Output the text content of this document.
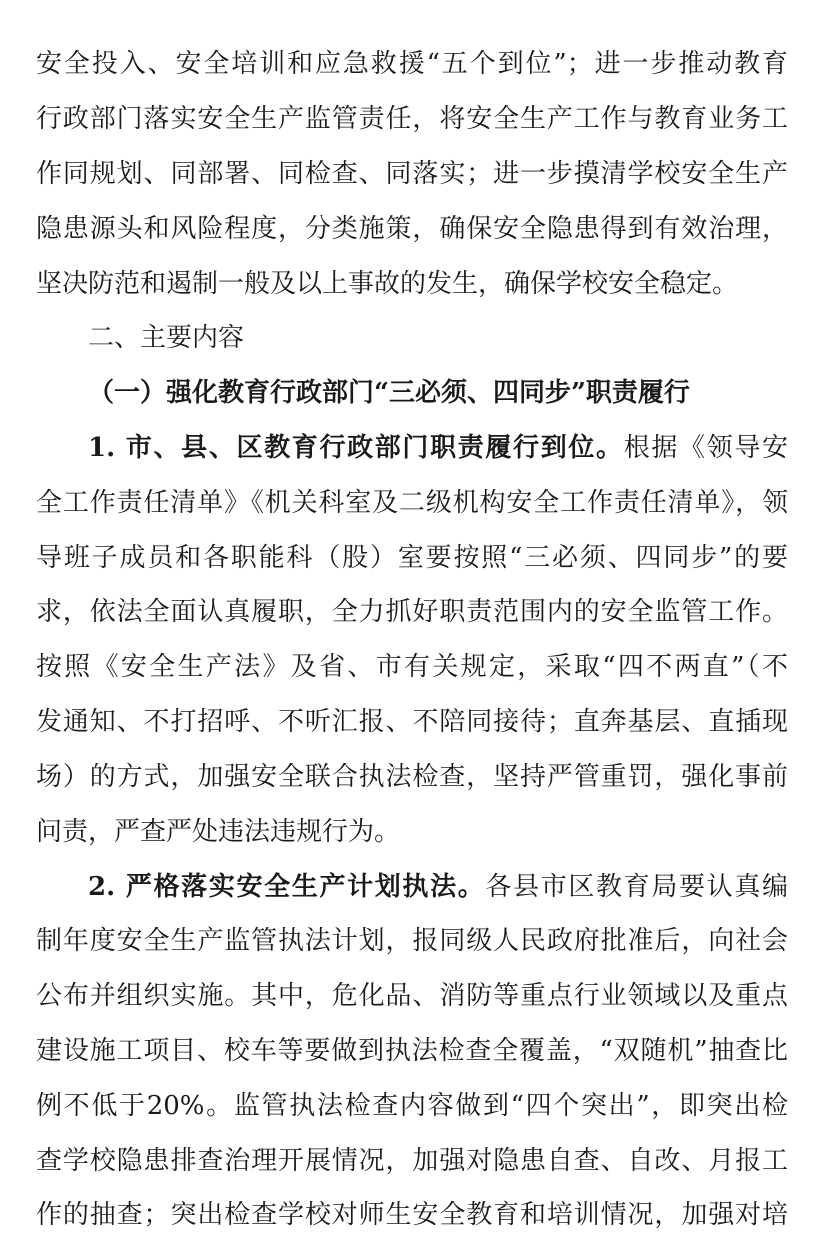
安全投入、安全培训和应急救援“五个到位”；进一步推动教育
行政部门落实安全生产监管责任，将安全生产工作与教育业务工
作同规划、同部署、同检查、同落实；进一步摸清学校安全生产
隐患源头和风险程度，分类施策，确保安全隐患得到有效治理，
坚决防范和遏制一般及以上事故的发生，确保学校安全稳定。
二、主要内容
（一）强化教育行政部门“三必须、四同步”职责履行
1. 市、县、区教育行政部门职责履行到位。根据《领导安
全工作责任清单》《机关科室及二级机构安全工作责任清单》，领
导班子成员和各职能科（股）室要按照“三必须、四同步”的要
求，依法全面认真履职，全力抓好职责范围内的安全监管工作。
按照《安全生产法》及省、市有关规定，采取“四不两直”（不
发通知、不打招呼、不听汇报、不陪同接待；直奔基层、直插现
场）的方式，加强安全联合执法检查，坚持严管重罚，强化事前
问责，严查严处违法违规行为。
2. 严格落实安全生产计划执法。各县市区教育局要认真编
制年度安全生产监管执法计划，报同级人民政府批准后，向社会
公布并组织实施。其中，危化品、消防等重点行业领域以及重点
建设施工项目、校车等要做到执法检查全覆盖，“双随机”抽查比
例不低于20%。监管执法检查内容做到“四个突出”，即突出检
查学校隐患排查治理开展情况，加强对隐患自查、自改、月报工
作的抽查；突出检查学校对师生安全教育和培训情况，加强对培
